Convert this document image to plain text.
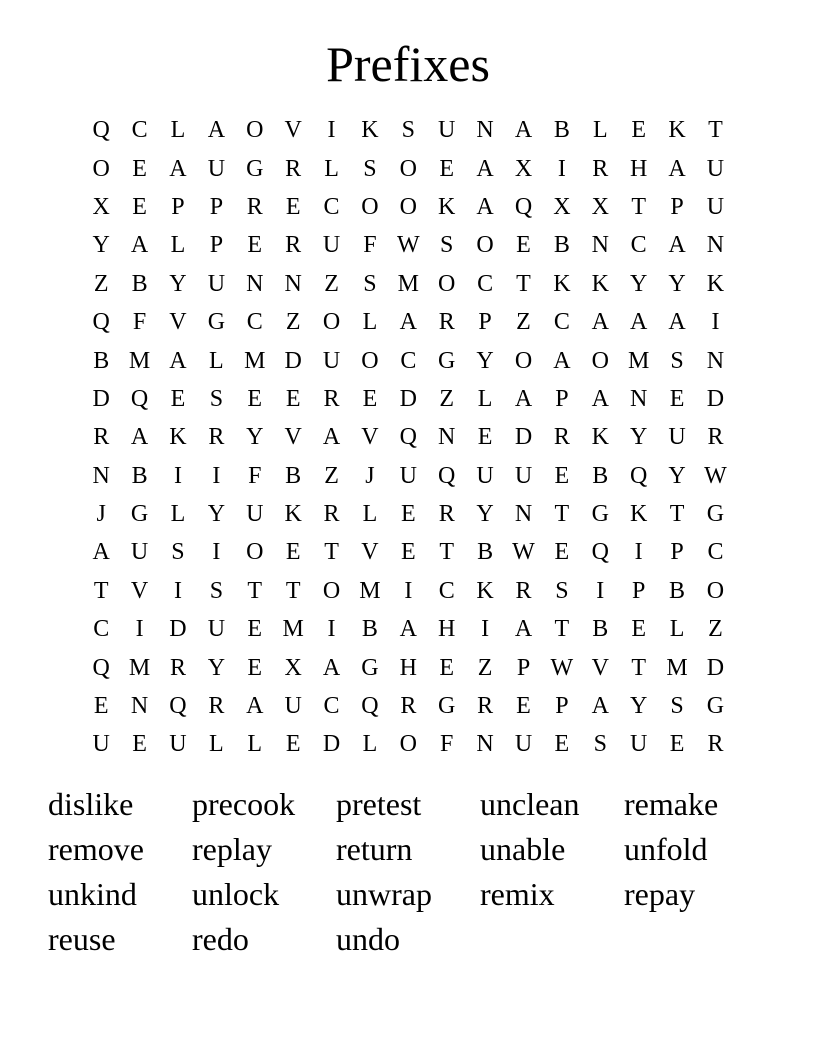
Prefixes
Q C L A O V	I	K S U N A B L E K T
O E A U G R L	S O E A X	I	R H A U
X E	P	P R E C O O K A Q X X T	P U
Y A L	P	E R U F W S O E B N C A N
Z B Y U N N Z	S M O C T K K Y Y K
Q F V G C Z O L A R P	Z C A A A	I
B M A L M D U O C G Y O A O M S N
D Q E	S	E E R E D Z L A P A N E D
R A K R Y V A V Q N E D R K Y U R
N B	I	I	F B Z	J	U Q U U E B Q Y W
J	G L Y U K R L E R Y N T G K T G
A U S	I	O E T V E T B W E Q	I	P C
T V	I	S	T T O M I	C K R S	I	P B O
C	I	D U E M I	B A H	I	A T B E L Z
Q M R Y E X A G H E Z	P W V T M D
E N Q R A U C Q R G R E	P A Y S G
U E U L L E D L O F N U E	S U E R
dislike	precook	pretest	unclean	remake
remove	replay	return	unable	unfold
unkind	unlock	unwrap	remix	repay
reuse	redo	undo
